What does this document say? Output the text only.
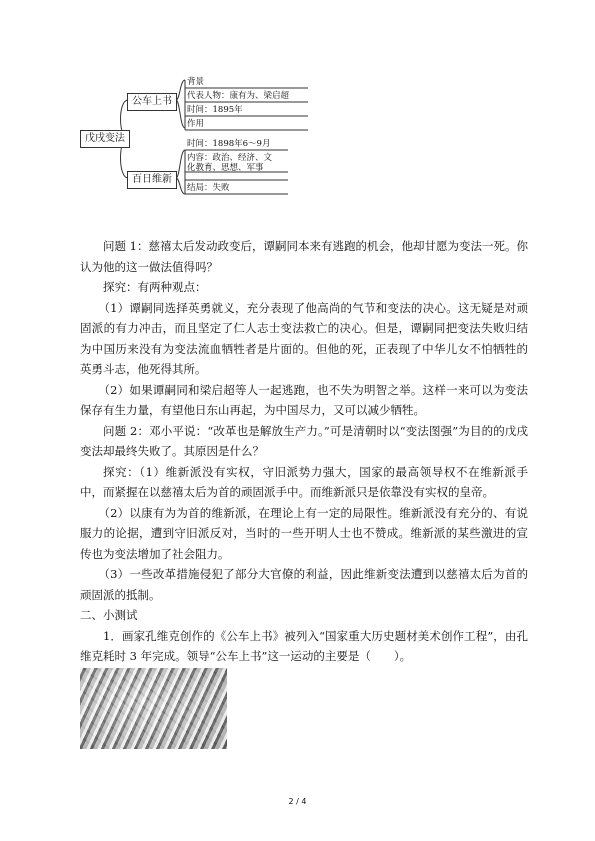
戊戌变法
公车上书
百日维新
背景
代表人物：康有为、梁启超
时间：1895年
作用
时间：1898年6～9月
内容：政治、经济、文
化教育、思想、军事
结局：失败

问题 1：慈禧太后发动政变后，谭嗣同本来有逃跑的机会，他却甘愿为变法一死。你认为他的这一做法值得吗？

探究：有两种观点：

（1）谭嗣同选择英勇就义，充分表现了他高尚的气节和变法的决心。这无疑是对顽固派的有力冲击，而且坚定了仁人志士变法救亡的决心。但是，谭嗣同把变法失败归结为中国历来没有为变法流血牺牲者是片面的。但他的死，正表现了中华儿女不怕牺牲的英勇斗志，他死得其所。

（2）如果谭嗣同和梁启超等人一起逃跑，也不失为明智之举。这样一来可以为变法保存有生力量，有望他日东山再起，为中国尽力，又可以减少牺牲。

问题 2：邓小平说：“改革也是解放生产力。”可是清朝时以“变法图强”为目的的戊戌变法却最终失败了。其原因是什么？

探究：（1）维新派没有实权，守旧派势力强大，国家的最高领导权不在维新派手中，而紧握在以慈禧太后为首的顽固派手中。而维新派只是依靠没有实权的皇帝。

（2）以康有为为首的维新派，在理论上有一定的局限性。维新派没有充分的、有说服力的论据，遭到守旧派反对，当时的一些开明人士也不赞成。维新派的某些激进的宣传也为变法增加了社会阻力。

（3）一些改革措施侵犯了部分大官僚的利益，因此维新变法遭到以慈禧太后为首的顽固派的抵制。

二、小测试

1．画家孔维克创作的《公车上书》被列入“国家重大历史题材美术创作工程”，由孔维克耗时 3 年完成。领导“公车上书”这一运动的主要是（　　）。

2 / 4
